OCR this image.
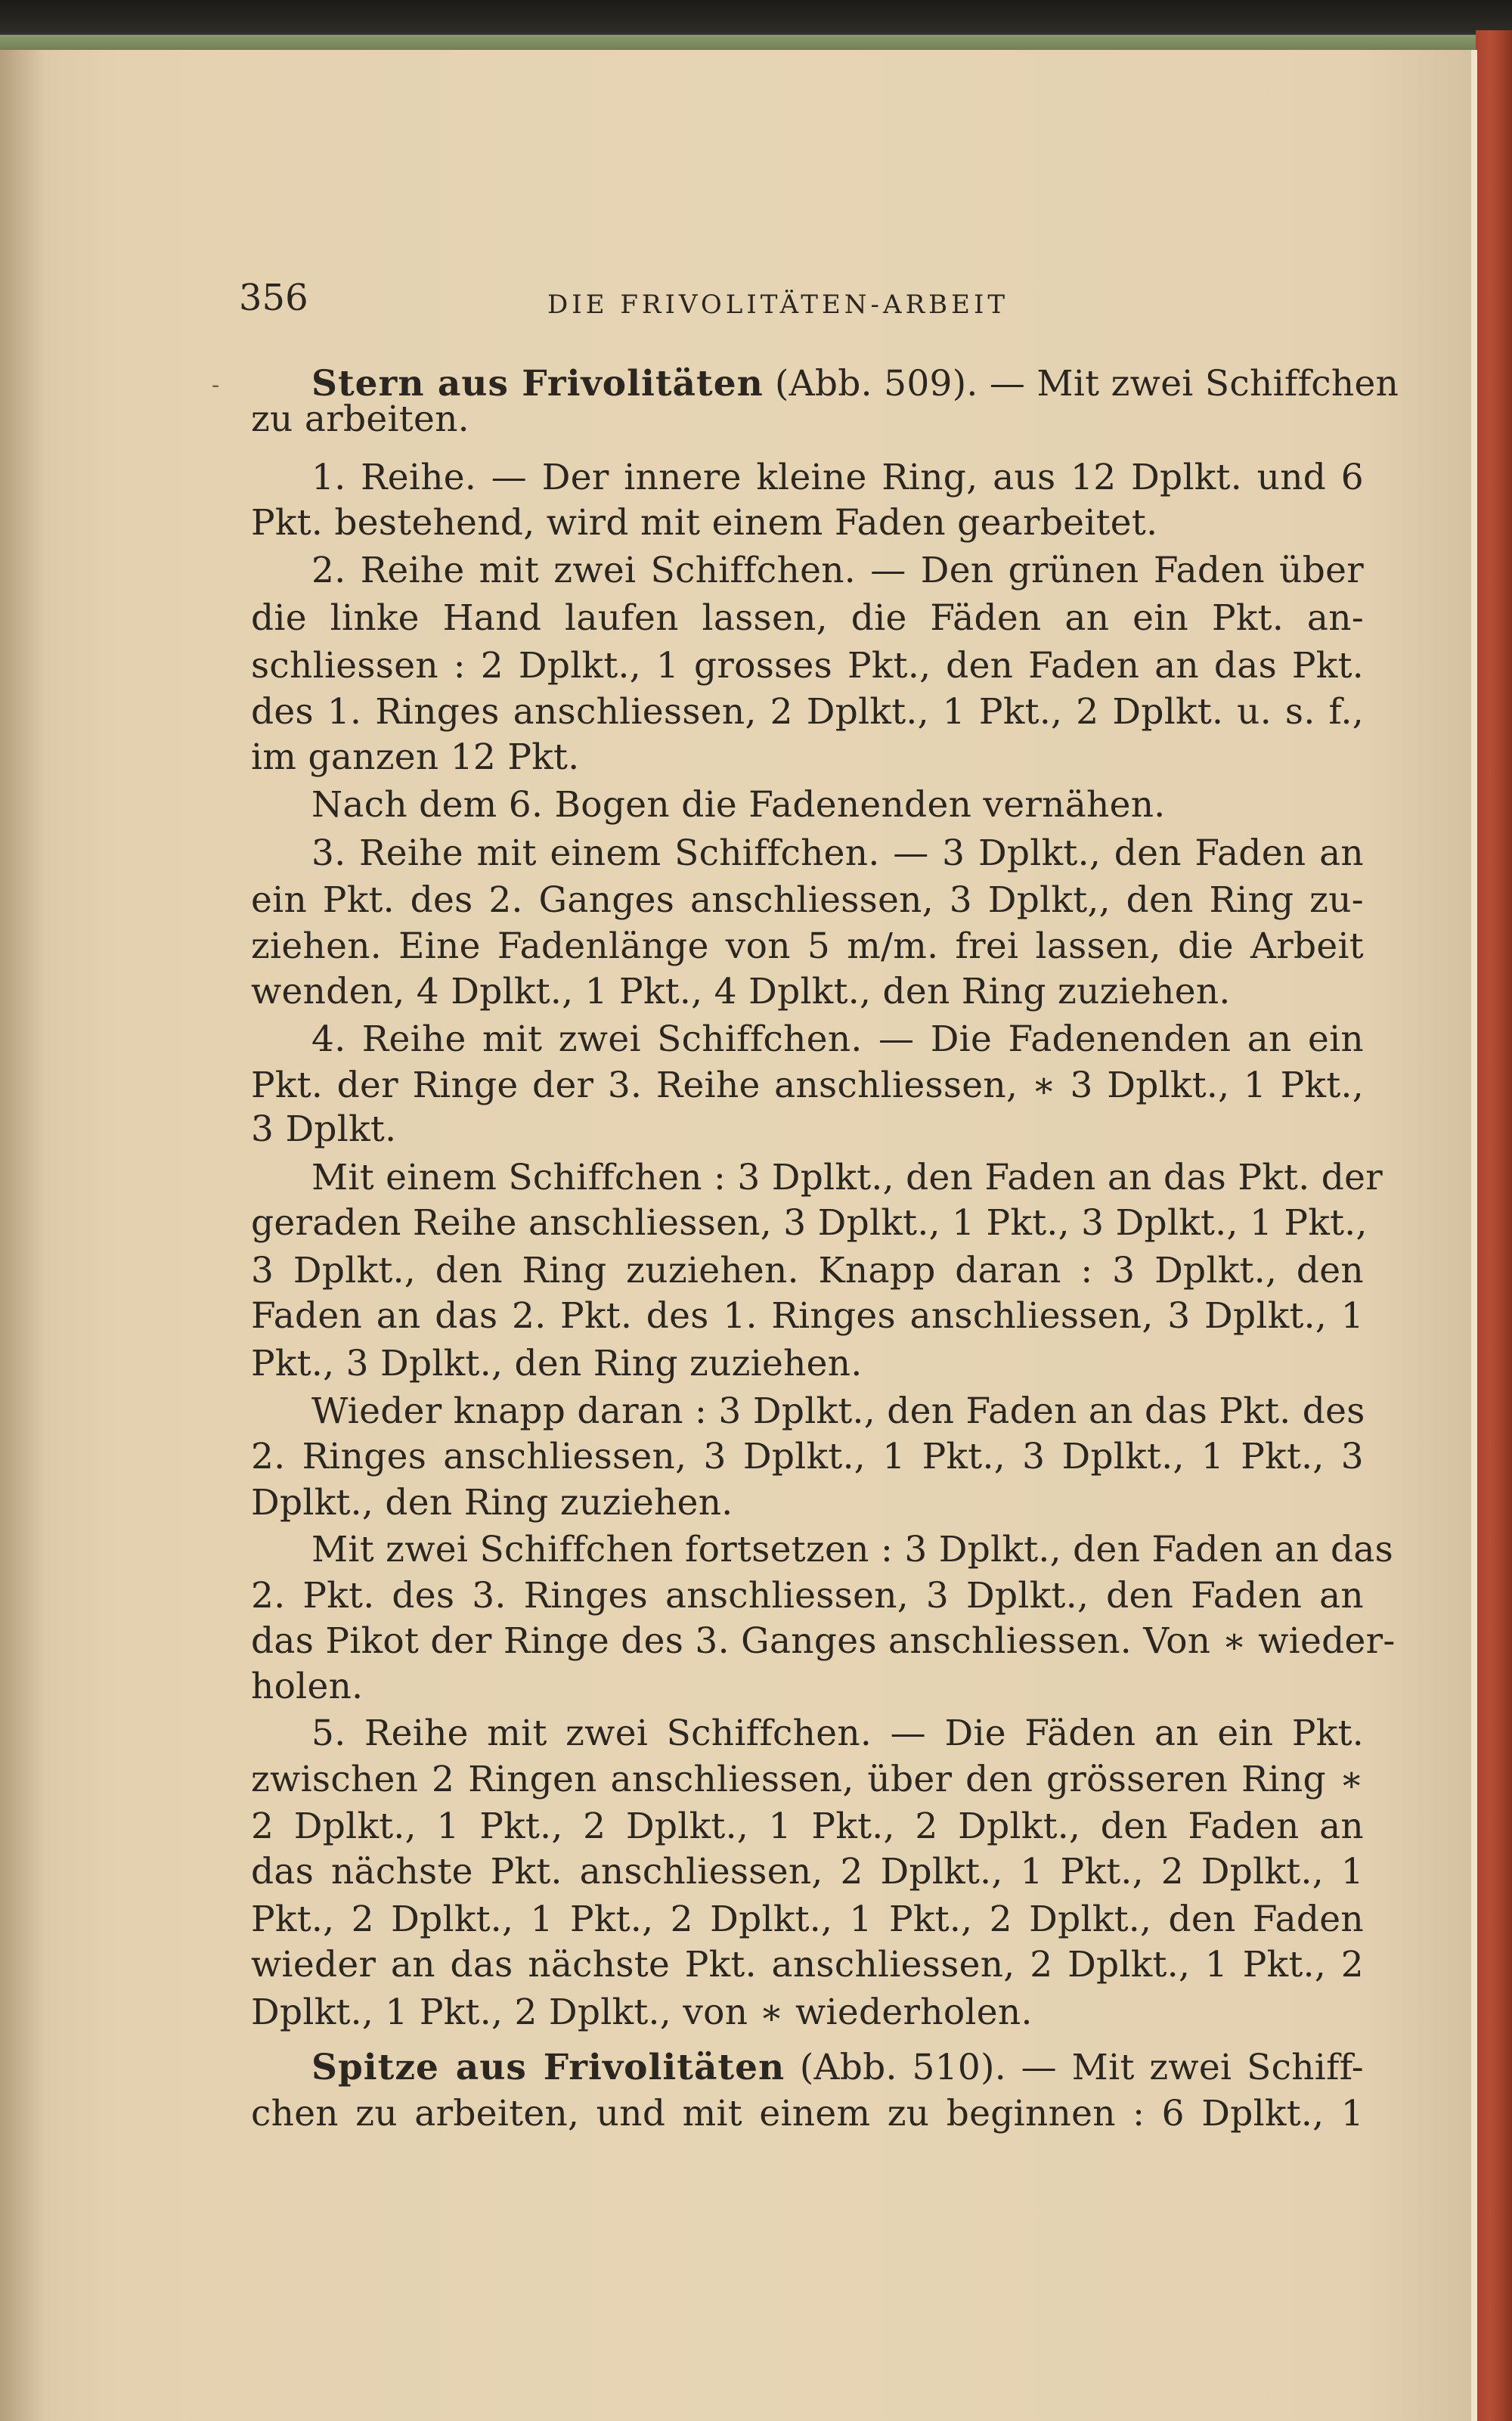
356	DIE FRIVOLITÄTEN-ARBEIT
-	Stern aus Frivolitäten (Abb. 509). — Mit zwei Schiffchen
zu arbeiten.
1. Reihe. — Der innere kleine Ring, aus 12 Dplkt. und 6
Pkt. bestehend, wird mit einem Faden gearbeitet.
2. Reihe mit zwei Schiffchen. — Den grünen Faden über
die linke Hand laufen lassen, die Fäden an ein Pkt. an-
schliessen : 2 Dplkt., 1 grosses Pkt., den Faden an das Pkt.
des 1. Ringes anschliessen, 2 Dplkt., 1 Pkt., 2 Dplkt. u. s. f.,
im ganzen 12 Pkt.
Nach dem 6. Bogen die Fadenenden vernähen.
3. Reihe mit einem Schiffchen. — 3 Dplkt., den Faden an
ein Pkt. des 2. Ganges anschliessen, 3 Dplkt,, den Ring zu-
ziehen. Eine Fadenlänge von 5 m/m. frei lassen, die Arbeit
wenden, 4 Dplkt., 1 Pkt., 4 Dplkt., den Ring zuziehen.
4. Reihe mit zwei Schiffchen. — Die Fadenenden an ein
Pkt. der Ringe der 3. Reihe anschliessen, ∗ 3 Dplkt., 1 Pkt.,
3 Dplkt.
Mit einem Schiffchen : 3 Dplkt., den Faden an das Pkt. der
geraden Reihe anschliessen, 3 Dplkt., 1 Pkt., 3 Dplkt., 1 Pkt.,
3 Dplkt., den Ring zuziehen. Knapp daran : 3 Dplkt., den
Faden an das 2. Pkt. des 1. Ringes anschliessen, 3 Dplkt., 1
Pkt., 3 Dplkt., den Ring zuziehen.
Wieder knapp daran : 3 Dplkt., den Faden an das Pkt. des
2. Ringes anschliessen, 3 Dplkt., 1 Pkt., 3 Dplkt., 1 Pkt., 3
Dplkt., den Ring zuziehen.
Mit zwei Schiffchen fortsetzen : 3 Dplkt., den Faden an das
2. Pkt. des 3. Ringes anschliessen, 3 Dplkt., den Faden an
das Pikot der Ringe des 3. Ganges anschliessen. Von ∗ wieder-
holen.
5. Reihe mit zwei Schiffchen. — Die Fäden an ein Pkt.
zwischen 2 Ringen anschliessen, über den grösseren Ring ∗
2 Dplkt., 1 Pkt., 2 Dplkt., 1 Pkt., 2 Dplkt., den Faden an
das nächste Pkt. anschliessen, 2 Dplkt., 1 Pkt., 2 Dplkt., 1
Pkt., 2 Dplkt., 1 Pkt., 2 Dplkt., 1 Pkt., 2 Dplkt., den Faden
wieder an das nächste Pkt. anschliessen, 2 Dplkt., 1 Pkt., 2
Dplkt., 1 Pkt., 2 Dplkt., von ∗ wiederholen.
Spitze aus Frivolitäten (Abb. 510). — Mit zwei Schiff-
chen zu arbeiten, und mit einem zu beginnen : 6 Dplkt., 1
